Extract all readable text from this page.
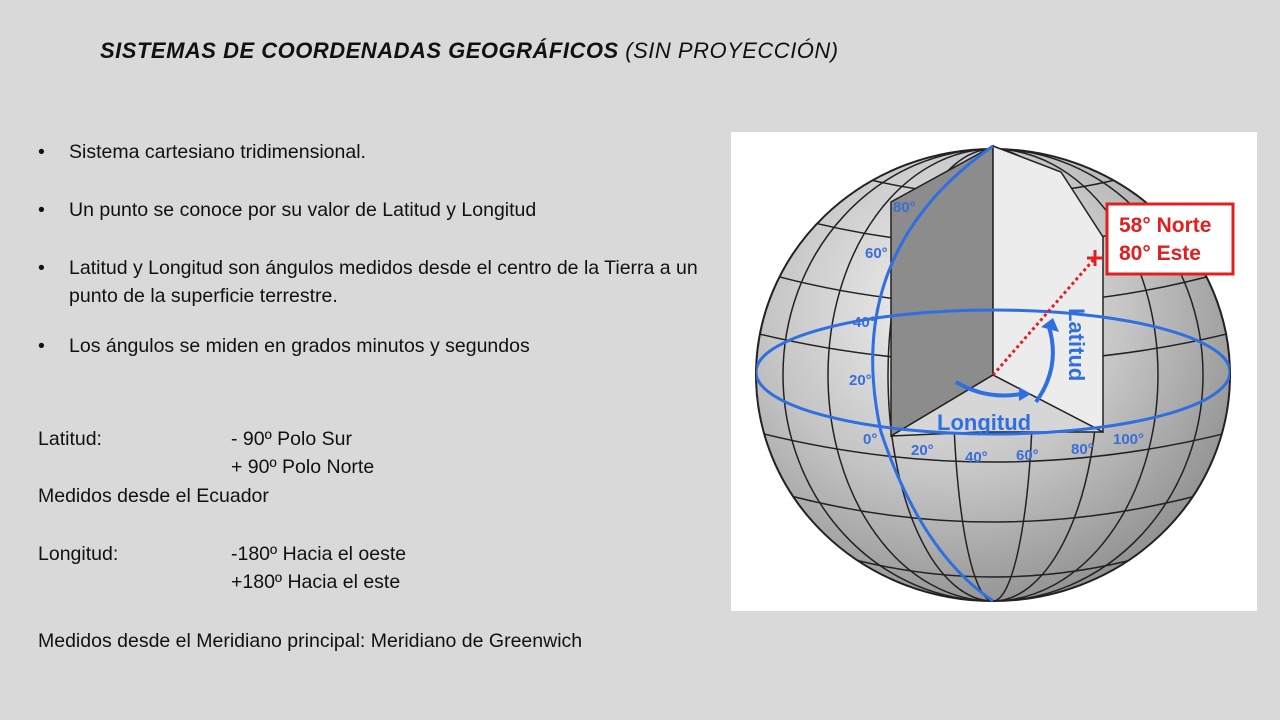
SISTEMAS DE COORDENADAS GEOGRÁFICOS (SIN PROYECCIÓN)
• Sistema cartesiano tridimensional.
• Un punto se conoce por su valor de Latitud y Longitud
• Latitud y Longitud son ángulos medidos desde el centro de la Tierra a un punto de la superficie terrestre.
• Los ángulos se miden en grados minutos y segundos
Latitud:	- 90º Polo Sur
+ 90º Polo Norte
Medidos desde el Ecuador
Longitud:	-180º Hacia el oeste
+180º Hacia el este
Medidos desde el Meridiano principal: Meridiano de Greenwich
58° Norte
80° Este
Latitud
Longitud
80°
60°
40°
20°
0°
20° 40° 60° 80°
100°
